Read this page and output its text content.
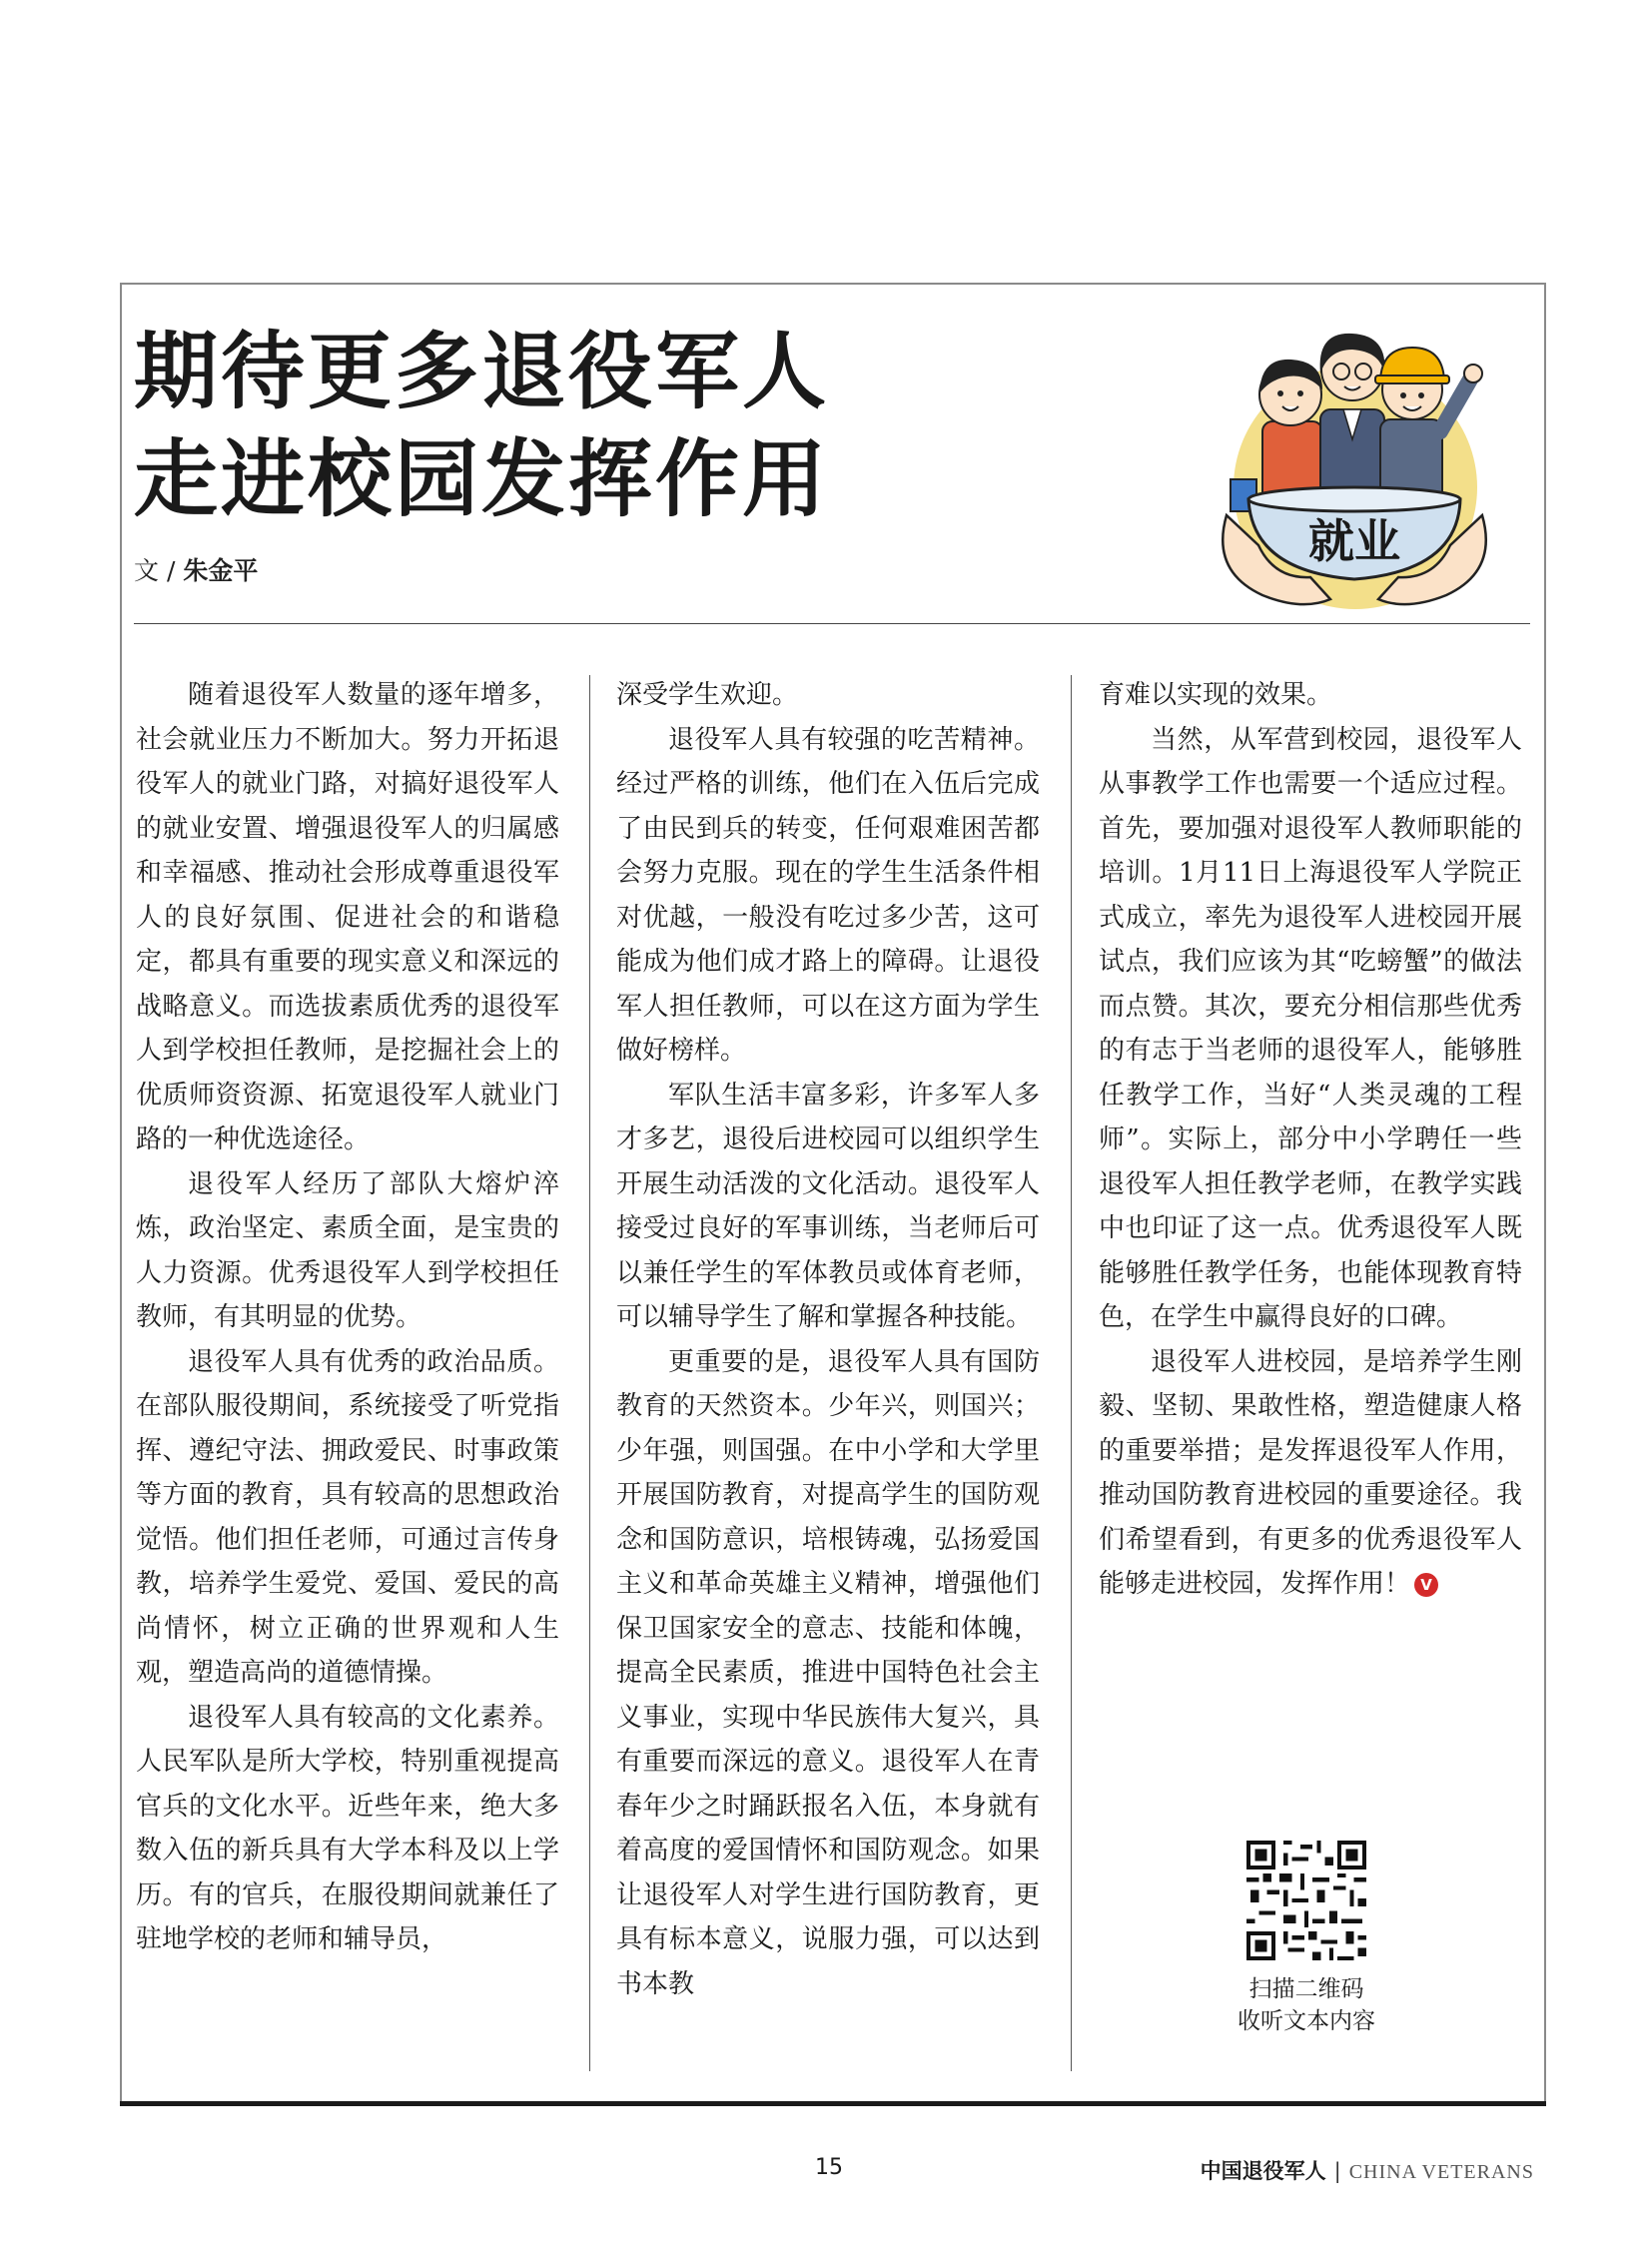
期待更多退役军人
走进校园发挥作用
文 / 朱金平
就业

随着退役军人数量的逐年增多，社会就业压力不断加大。努力开拓退役军人的就业门路，对搞好退役军人的就业安置、增强退役军人的归属感和幸福感、推动社会形成尊重退役军人的良好氛围、促进社会的和谐稳定，都具有重要的现实意义和深远的战略意义。而选拔素质优秀的退役军人到学校担任教师，是挖掘社会上的优质师资资源、拓宽退役军人就业门路的一种优选途径。

退役军人经历了部队大熔炉淬炼，政治坚定、素质全面，是宝贵的人力资源。优秀退役军人到学校担任教师，有其明显的优势。

退役军人具有优秀的政治品质。在部队服役期间，系统接受了听党指挥、遵纪守法、拥政爱民、时事政策等方面的教育，具有较高的思想政治觉悟。他们担任老师，可通过言传身教，培养学生爱党、爱国、爱民的高尚情怀，树立正确的世界观和人生观，塑造高尚的道德情操。

退役军人具有较高的文化素养。人民军队是所大学校，特别重视提高官兵的文化水平。近些年来，绝大多数入伍的新兵具有大学本科及以上学历。有的官兵，在服役期间就兼任了驻地学校的老师和辅导员，

深受学生欢迎。

退役军人具有较强的吃苦精神。经过严格的训练，他们在入伍后完成了由民到兵的转变，任何艰难困苦都会努力克服。现在的学生生活条件相对优越，一般没有吃过多少苦，这可能成为他们成才路上的障碍。让退役军人担任教师，可以在这方面为学生做好榜样。

军队生活丰富多彩，许多军人多才多艺，退役后进校园可以组织学生开展生动活泼的文化活动。退役军人接受过良好的军事训练，当老师后可以兼任学生的军体教员或体育老师，可以辅导学生了解和掌握各种技能。

更重要的是，退役军人具有国防教育的天然资本。少年兴，则国兴；少年强，则国强。在中小学和大学里开展国防教育，对提高学生的国防观念和国防意识，培根铸魂，弘扬爱国主义和革命英雄主义精神，增强他们保卫国家安全的意志、技能和体魄，提高全民素质，推进中国特色社会主义事业，实现中华民族伟大复兴，具有重要而深远的意义。退役军人在青春年少之时踊跃报名入伍，本身就有着高度的爱国情怀和国防观念。如果让退役军人对学生进行国防教育，更具有标本意义，说服力强，可以达到书本教

育难以实现的效果。

当然，从军营到校园，退役军人从事教学工作也需要一个适应过程。首先，要加强对退役军人教师职能的培训。1月11日上海退役军人学院正式成立，率先为退役军人进校园开展试点，我们应该为其“吃螃蟹”的做法而点赞。其次，要充分相信那些优秀的有志于当老师的退役军人，能够胜任教学工作，当好“人类灵魂的工程师”。实际上，部分中小学聘任一些退役军人担任教学老师，在教学实践中也印证了这一点。优秀退役军人既能够胜任教学任务，也能体现教育特色，在学生中赢得良好的口碑。

退役军人进校园，是培养学生刚毅、坚韧、果敢性格，塑造健康人格的重要举措；是发挥退役军人作用，推动国防教育进校园的重要途径。我们希望看到，有更多的优秀退役军人能够走进校园，发挥作用！ V

扫描二维码
收听文本内容
15	中国退役军人 | CHINA VETERANS
